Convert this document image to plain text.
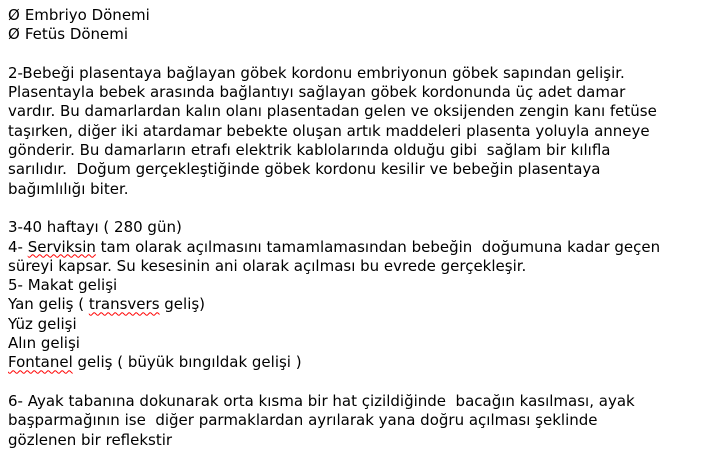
Ø Embriyo Dönemi
Ø Fetüs Dönemi
2-Bebeği plasentaya bağlayan göbek kordonu embriyonun göbek sapından gelişir.
Plasentayla bebek arasında bağlantıyı sağlayan göbek kordonunda üç adet damar
vardır. Bu damarlardan kalın olanı plasentadan gelen ve oksijenden zengin kanı fetüse
taşırken, diğer iki atardamar bebekte oluşan artık maddeleri plasenta yoluyla anneye
gönderir. Bu damarların etrafı elektrik kablolarında olduğu gibi  sağlam bir kılıfla
sarılıdır.  Doğum gerçekleştiğinde göbek kordonu kesilir ve bebeğin plasentaya
bağımlılığı biter.
3-40 haftayı ( 280 gün)
4- Serviksin tam olarak açılmasını tamamlamasından bebeğin  doğumuna kadar geçen
süreyi kapsar. Su kesesinin ani olarak açılması bu evrede gerçekleşir.
5- Makat gelişi
Yan geliş ( transvers geliş)
Yüz gelişi
Alın gelişi
Fontanel geliş ( büyük bıngıldak gelişi )
6- Ayak tabanına dokunarak orta kısma bir hat çizildiğinde  bacağın kasılması, ayak
başparmağının ise  diğer parmaklardan ayrılarak yana doğru açılması şeklinde
gözlenen bir reflekstir
